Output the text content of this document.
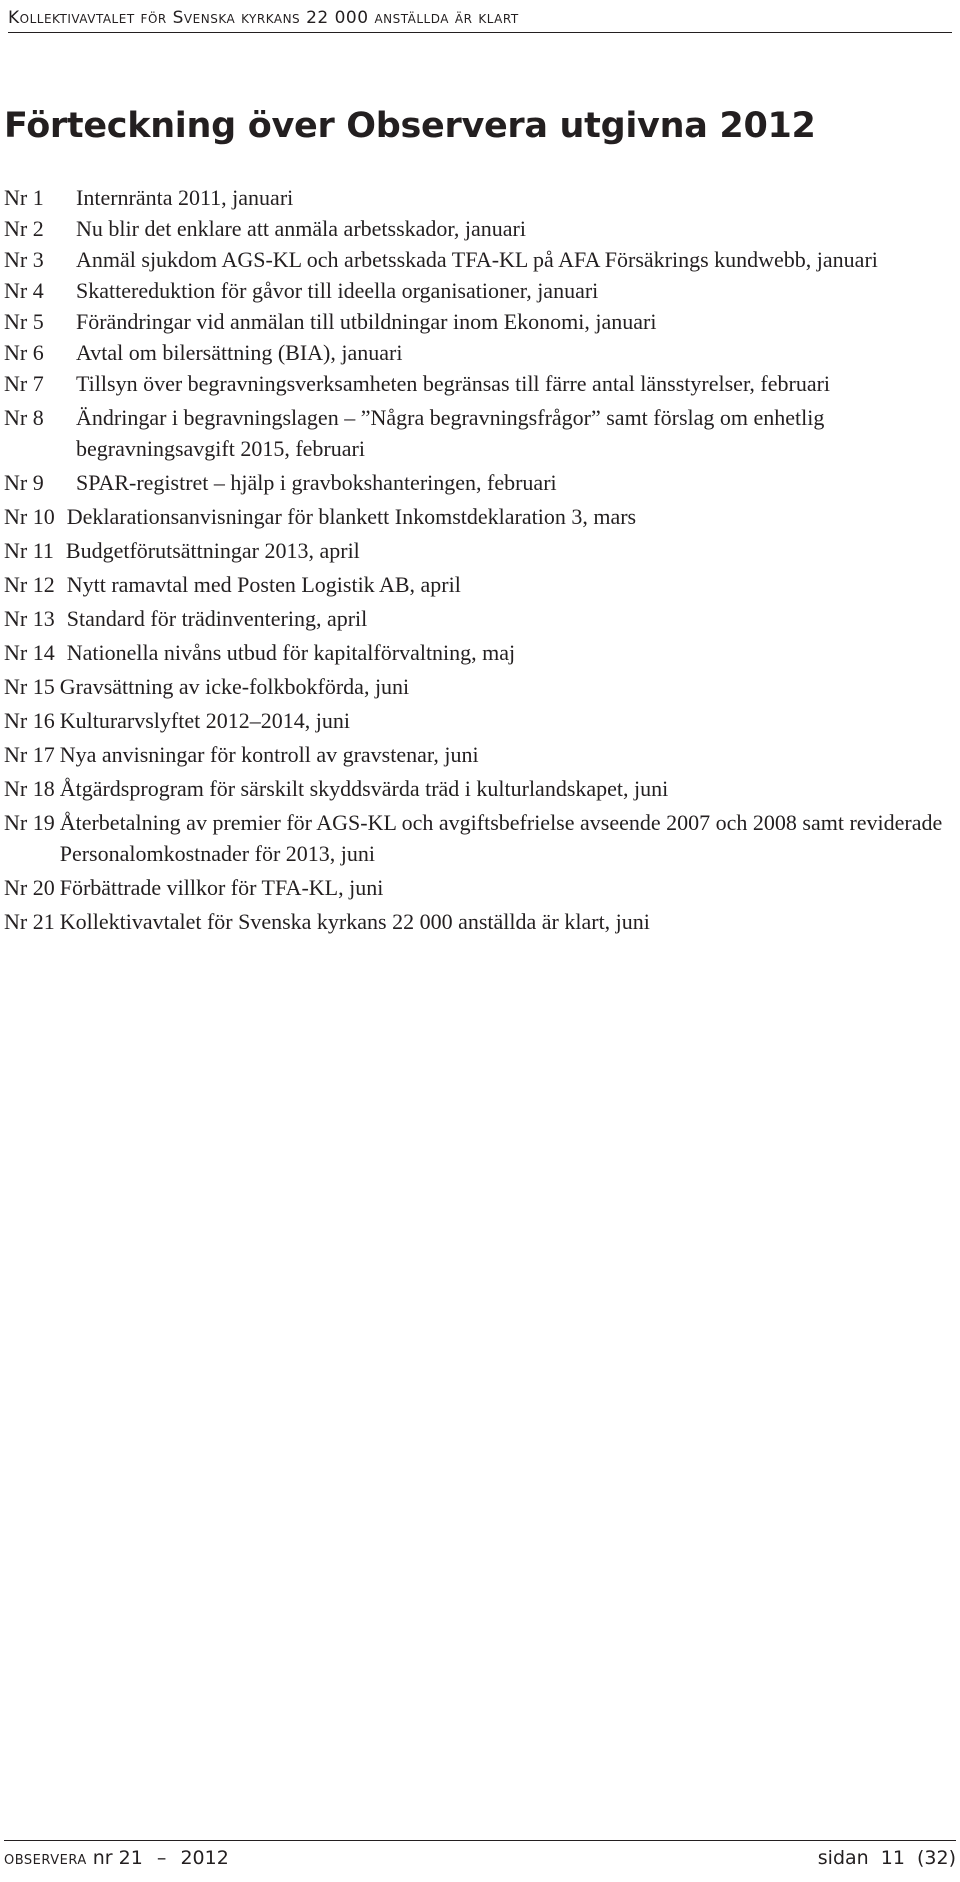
Kollektivavtalet för Svenska kyrkans 22 000 anställda är klart
Förteckning över Observera utgivna 2012
Nr 1	Internränta 2011, januari
Nr 2	Nu blir det enklare att anmäla arbetsskador, januari
Nr 3	Anmäl sjukdom AGS-KL och arbetsskada TFA-KL på AFA Försäkrings kundwebb, januari
Nr 4	Skattereduktion för gåvor till ideella organisationer, januari
Nr 5	Förändringar vid anmälan till utbildningar inom Ekonomi, januari
Nr 6	Avtal om bilersättning (BIA), januari
Nr 7	Tillsyn över begravningsverksamheten begränsas till färre antal länsstyrelser, februari
Nr 8	Ändringar i begravningslagen – ”Några begravningsfrågor” samt förslag om enhetlig begravningsavgift 2015, februari
Nr 9	SPAR-registret – hjälp i gravbokshanteringen, februari
Nr 10 Deklarationsanvisningar för blankett Inkomstdeklaration 3, mars
Nr 11 Budgetförutsättningar 2013, april
Nr 12 Nytt ramavtal med Posten Logistik AB, april
Nr 13 Standard för trädinventering, april
Nr 14 Nationella nivåns utbud för kapitalförvaltning, maj
Nr 15 Gravsättning av icke-folkbokförda, juni
Nr 16 Kulturarvslyftet 2012–2014, juni
Nr 17 Nya anvisningar för kontroll av gravstenar, juni
Nr 18 Åtgärdsprogram för särskilt skyddsvärda träd i kulturlandskapet, juni
Nr 19 Återbetalning av premier för AGS-KL och avgiftsbefrielse avseende 2007 och 2008 samt reviderade Personalomkostnader för 2013, juni
Nr 20 Förbättrade villkor för TFA-KL, juni
Nr 21 Kollektivavtalet för Svenska kyrkans 22 000 anställda är klart, juni
observera nr 21 – 2012	sidan 11 (32)
